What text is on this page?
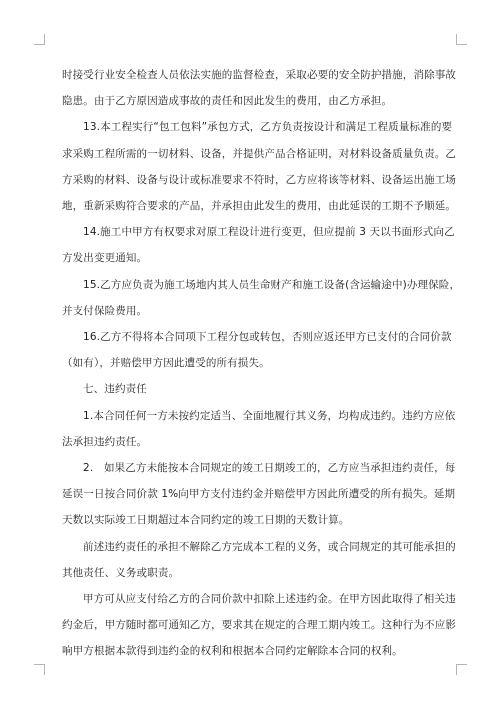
时接受行业安全检查人员依法实施的监督检查，采取必要的安全防护措施，消除事故

隐患。由于乙方原因造成事故的责任和因此发生的费用，由乙方承担。

13.本工程实行“包工包料”承包方式，乙方负责按设计和满足工程质量标准的要

求采购工程所需的一切材料、设备，并提供产品合格证明，对材料设备质量负责。乙

方采购的材料、设备与设计或标准要求不符时，乙方应将该等材料、设备运出施工场

地，重新采购符合要求的产品，并承担由此发生的费用，由此延误的工期不予顺延。

14.施工中甲方有权要求对原工程设计进行变更，但应提前 3 天以书面形式向乙

方发出变更通知。

15.乙方应负责为施工场地内其人员生命财产和施工设备(含运输途中)办理保险，

并支付保险费用。

16.乙方不得将本合同项下工程分包或转包，否则应返还甲方已支付的合同价款

（如有），并赔偿甲方因此遭受的所有损失。

七、违约责任

1.本合同任何一方未按约定适当、全面地履行其义务，均构成违约。违约方应依

法承担违约责任。

2.　如果乙方未能按本合同规定的竣工日期竣工的，乙方应当承担违约责任，每

延误一日按合同价款 1%向甲方支付违约金并赔偿甲方因此所遭受的所有损失。延期

天数以实际竣工日期超过本合同约定的竣工日期的天数计算。

前述违约责任的承担不解除乙方完成本工程的义务，或合同规定的其可能承担的

其他责任、义务或职责。

甲方可从应支付给乙方的合同价款中扣除上述违约金。在甲方因此取得了相关违

约金后，甲方随时都可通知乙方，要求其在规定的合理工期内竣工。这种行为不应影

响甲方根据本款得到违约金的权利和根据本合同约定解除本合同的权利。
